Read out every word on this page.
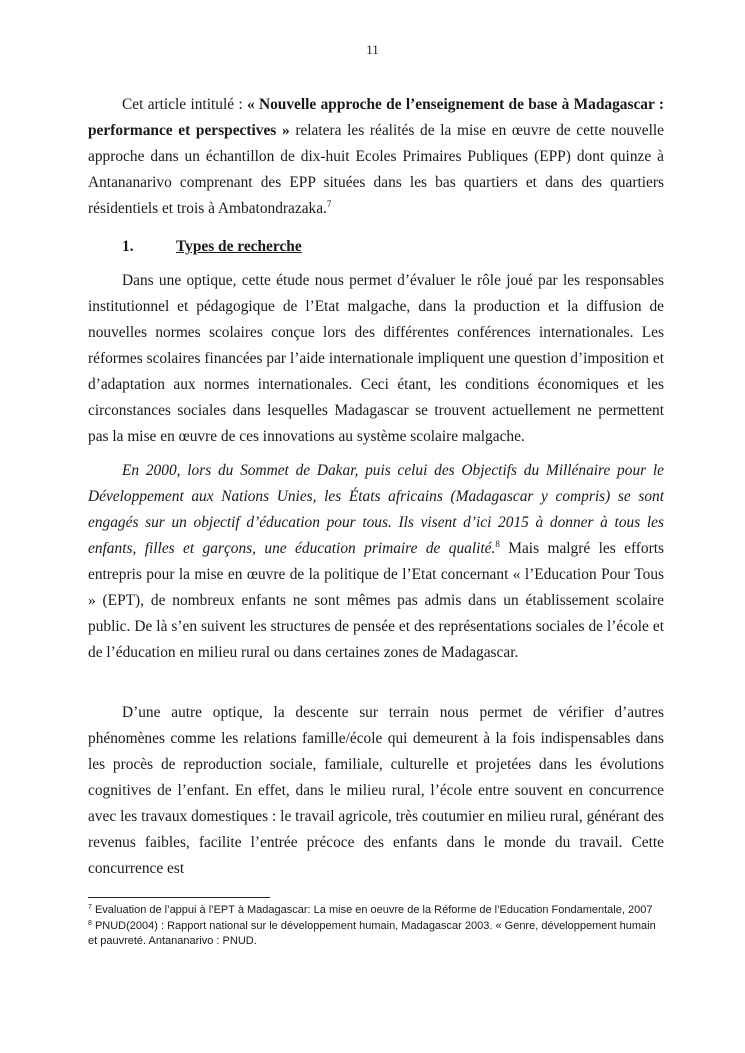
11

Cet article intitulé : « Nouvelle approche de l’enseignement de base à Madagascar : performance et perspectives » relatera les réalités de la mise en œuvre de cette nouvelle approche dans un échantillon de dix-huit Ecoles Primaires Publiques (EPP) dont quinze à Antananarivo comprenant des EPP situées dans les bas quartiers et dans des quartiers résidentiels et trois à Ambatondrazaka.$^7$

1.	Types de recherche

Dans une optique, cette étude nous permet d’évaluer le rôle joué par les responsables institutionnel et pédagogique de l’Etat malgache, dans la production et la diffusion de nouvelles normes scolaires conçue lors des différentes conférences internationales. Les réformes scolaires financées par l’aide internationale impliquent une question d’imposition et d’adaptation aux normes internationales. Ceci étant, les conditions économiques et les circonstances sociales dans lesquelles Madagascar se trouvent actuellement ne permettent pas la mise en œuvre de ces innovations au système scolaire malgache.

En 2000, lors du Sommet de Dakar, puis celui des Objectifs du Millénaire pour le Développement aux Nations Unies, les États africains (Madagascar y compris) se sont engagés sur un objectif d’éducation pour tous. Ils visent d’ici 2015 à donner à tous les enfants, filles et garçons, une éducation primaire de qualité.$^8$ Mais malgré les efforts entrepris pour la mise en œuvre de la politique de l’Etat concernant « l’Education Pour Tous » (EPT), de nombreux enfants ne sont mêmes pas admis dans un établissement scolaire public. De là s’en suivent les structures de pensée et des représentations sociales de l’école et de l’éducation en milieu rural ou dans certaines zones de Madagascar.

D’une autre optique, la descente sur terrain nous permet de vérifier d’autres phénomènes comme les relations famille/école qui demeurent à la fois indispensables dans les procès de reproduction sociale, familiale, culturelle et projetées dans les évolutions cognitives de l’enfant. En effet, dans le milieu rural, l’école entre souvent en concurrence avec les travaux domestiques : le travail agricole, très coutumier en milieu rural, générant des revenus faibles, facilite l’entrée précoce des enfants dans le monde du travail. Cette concurrence est

$^7$ Evaluation de l’appui à l’EPT à Madagascar: La mise en oeuvre de la Réforme de l’Education Fondamentale, 2007

$^8$ PNUD(2004) : Rapport national sur le développement humain, Madagascar 2003. « Genre, développement humain et pauvreté. Antananarivo : PNUD.
